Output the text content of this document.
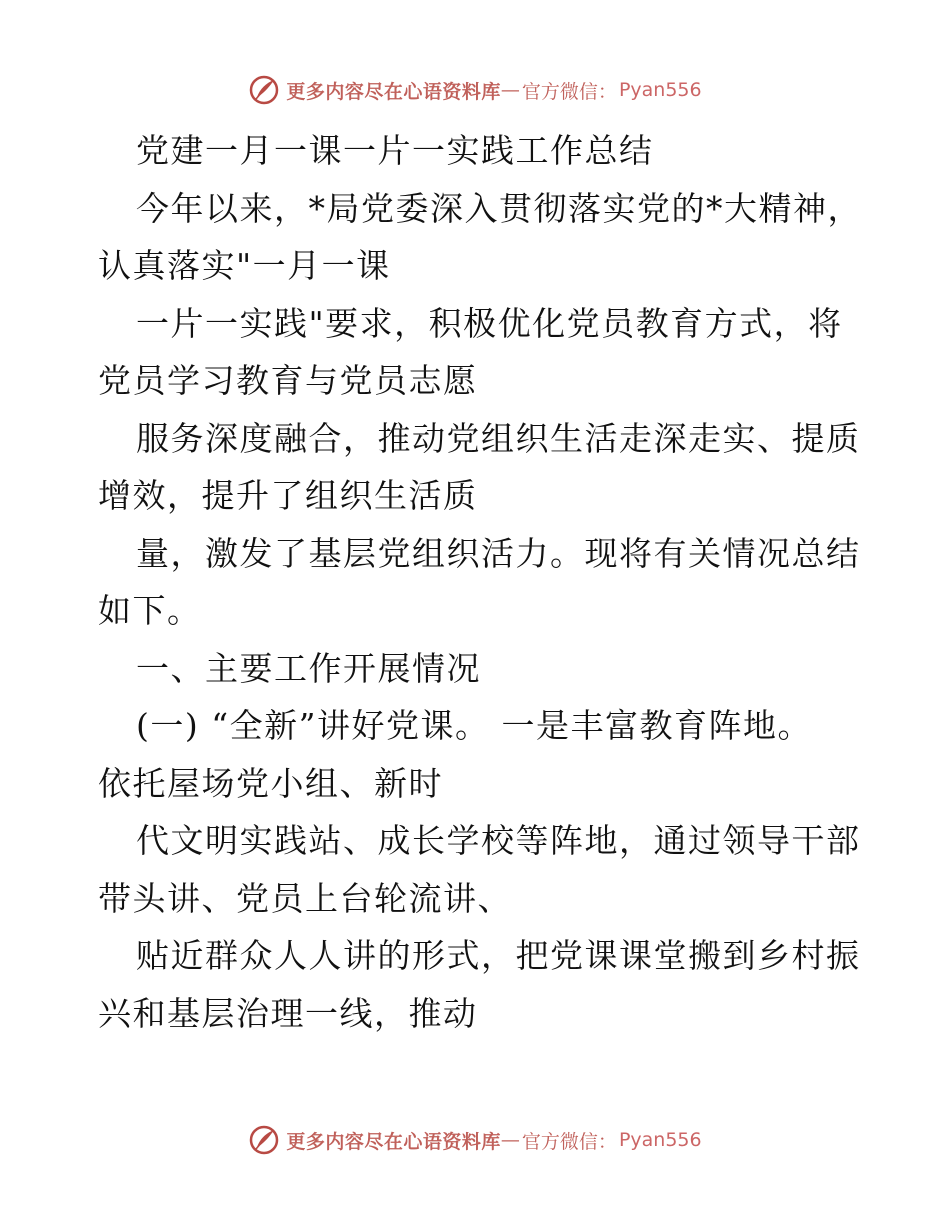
更多内容尽在心语资料库 — 官方微信： Pyan556
党建一月一课一片一实践工作总结
今年以来，*局党委深入贯彻落实党的*大精神，
认真落实"一月一课
一片一实践"要求，积极优化党员教育方式，将
党员学习教育与党员志愿
服务深度融合，推动党组织生活走深走实、提质
增效，提升了组织生活质
量，激发了基层党组织活力。现将有关情况总结
如下。
一、主要工作开展情况
(一) “全新”讲好党课。 一是丰富教育阵地。
依托屋场党小组、新时
代文明实践站、成长学校等阵地，通过领导干部
带头讲、党员上台轮流讲、
贴近群众人人讲的形式，把党课课堂搬到乡村振
兴和基层治理一线，推动
更多内容尽在心语资料库 — 官方微信： Pyan556
